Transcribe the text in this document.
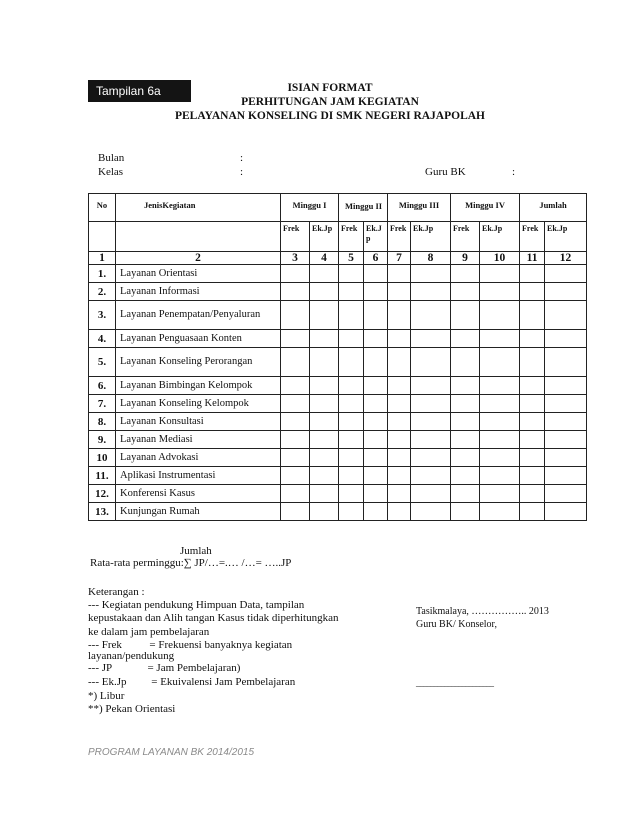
Tampilan 6a	ISIAN FORMAT
PERHITUNGAN JAM KEGIATAN
PELAYANAN KONSELING DI SMK NEGERI RAJAPOLAH
Bulan	:
Kelas	:	Guru BK	:
No	JenisKegiatan	Minggu I		Minggu II		Minggu III		Minggu IV		Jumlah	
		Frek	Ek.Jp	Frek	Ek.Jp	Frek	Ek.Jp	Frek	Ek.Jp	Frek	Ek.Jp
1	2	3	4	5	6	7	8	9	10	11	12
1.	Layanan Orientasi										
2.	Layanan Informasi										
3.	Layanan Penempatan/Penyaluran										
4.	Layanan Penguasaan Konten										
5.	Layanan Konseling Perorangan										
6.	Layanan Bimbingan Kelompok										
7.	Layanan Konseling Kelompok										
8.	Layanan Konsultasi										
9.	Layanan Mediasi										
10	Layanan Advokasi										
11.	Aplikasi Instrumentasi										
12.	Konferensi Kasus										
13.	Kunjungan Rumah										
Jumlah
Rata-rata perminggu:∑ JP/…=.… /…= …..JP
Keterangan :
--- Kegiatan pendukung Himpuan Data, tampilan
kepustakaan dan Alih tangan Kasus tidak diperhitungkan
ke dalam jam pembelajaran
--- Frek          = Frekuensi banyaknya kegiatan
layanan/pendukung
--- JP             = Jam Pembelajaran)
--- Ek.Jp         = Ekuivalensi Jam Pembelajaran
*) Libur
**) Pekan Orientasi
Tasikmalaya, …………….. 2013
Guru BK/ Konselor,
______________________
PROGRAM LAYANAN BK 2014/2015
